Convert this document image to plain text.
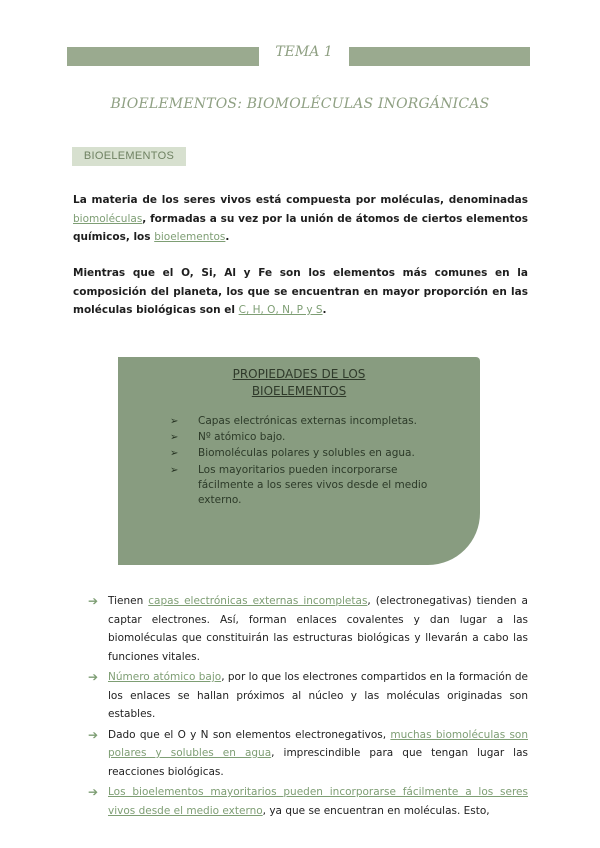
TEMA 1
BIOELEMENTOS: BIOMOLÉCULAS INORGÁNICAS
BIOELEMENTOS

La materia de los seres vivos está compuesta por moléculas, denominadas biomoléculas, formadas a su vez por la unión de átomos de ciertos elementos químicos, los bioelementos.

Mientras que el O, Si, Al y Fe son los elementos más comunes en la composición del planeta, los que se encuentran en mayor proporción en las moléculas biológicas son el C, H, O, N, P y S.

PROPIEDADES DE LOS
BIOELEMENTOS
➢ Capas electrónicas externas incompletas.
➢ Nº atómico bajo.
➢ Biomoléculas polares y solubles en agua.
➢ Los mayoritarios pueden incorporarse fácilmente a los seres vivos desde el medio externo.
➔ Tienen capas electrónicas externas incompletas, (electronegativas) tienden a captar electrones. Así, forman enlaces covalentes y dan lugar a las biomoléculas que constituirán las estructuras biológicas y llevarán a cabo las funciones vitales.
➔ Número atómico bajo, por lo que los electrones compartidos en la formación de los enlaces se hallan próximos al núcleo y las moléculas originadas son estables.
➔ Dado que el O y N son elementos electronegativos, muchas biomoléculas son polares y solubles en agua, imprescindible para que tengan lugar las reacciones biológicas.
➔ Los bioelementos mayoritarios pueden incorporarse fácilmente a los seres vivos desde el medio externo, ya que se encuentran en moléculas. Esto,
